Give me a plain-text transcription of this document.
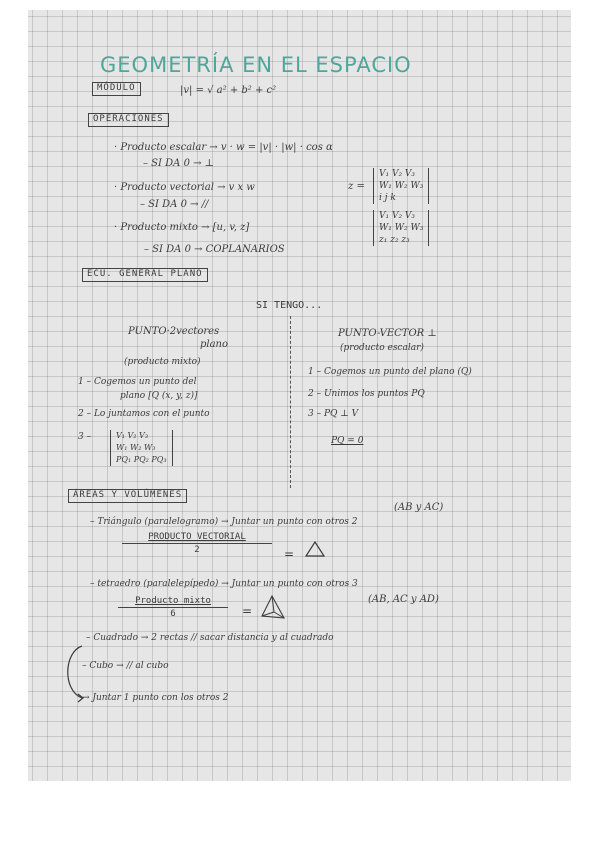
GEOMETRÍA EN EL ESPACIO
MÓDULO	|v| = √ a² + b² + c²
OPERACIONES
· Producto escalar → v · w = |v| · |w| · cos α
– SI DA 0 → ⊥
· Producto vectorial → v x w
– SI DA 0 → //
z =
V₁ V₂ V₃
W₁ W₂ W₃
i j k
· Producto mixto → [u, v, z]
V₁ V₂ V₃
W₁ W₂ W₃
z₁ z₂ z₃
– SI DA 0 → COPLANARIOS
ECU. GENERAL PLANO
SI TENGO...
PUNTO·2vectores
plano
(producto mixto)
1 – Cogemos un punto del
plano [Q (x, y, z)]
2 – Lo juntamos con el punto
3 –	V₁ V₂ V₃
W₁ W₂ W₃
PQ₁ PQ₂ PQ₃
PUNTO-VECTOR ⊥
(producto escalar)
1 – Cogemos un punto del plano (Q)
2 – Unimos los puntos PQ
3 – PQ ⊥ V
PQ = 0
ÁREAS Y VOLÚMENES
(AB y AC)
– Triángulo (paralelogramo) → Juntar un punto con otros 2
PRODUCTO VECTORIAL
2	=
– tetraedro (paralelepípedo) → Juntar un punto con otros 3
(AB, AC y AD)
Producto mixto
6	=
– Cuadrado → 2 rectas // sacar distancia y al cuadrado
– Cubo → // al cubo
→ Juntar 1 punto con los otros 2
